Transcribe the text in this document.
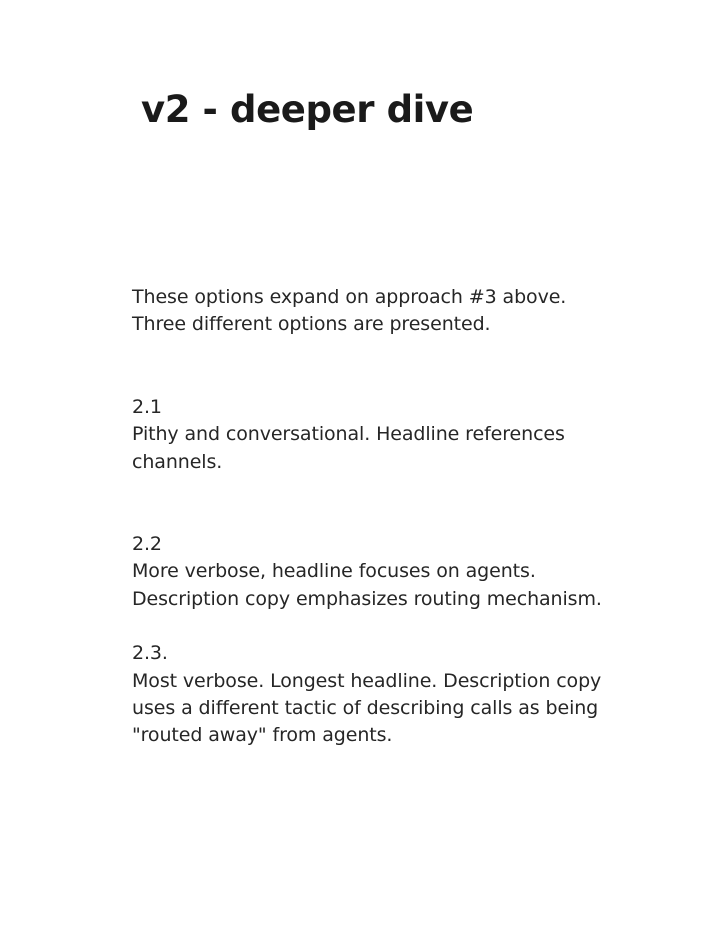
v2 - deeper dive

These options expand on approach #3 above.
Three different options are presented.

2.1
Pithy and conversational. Headline references channels.
2.2
More verbose, headline focuses on agents. Description copy emphasizes routing mechanism.
2.3.
Most verbose. Longest headline. Description copy uses a different tactic of describing calls as being "routed away" from agents.
